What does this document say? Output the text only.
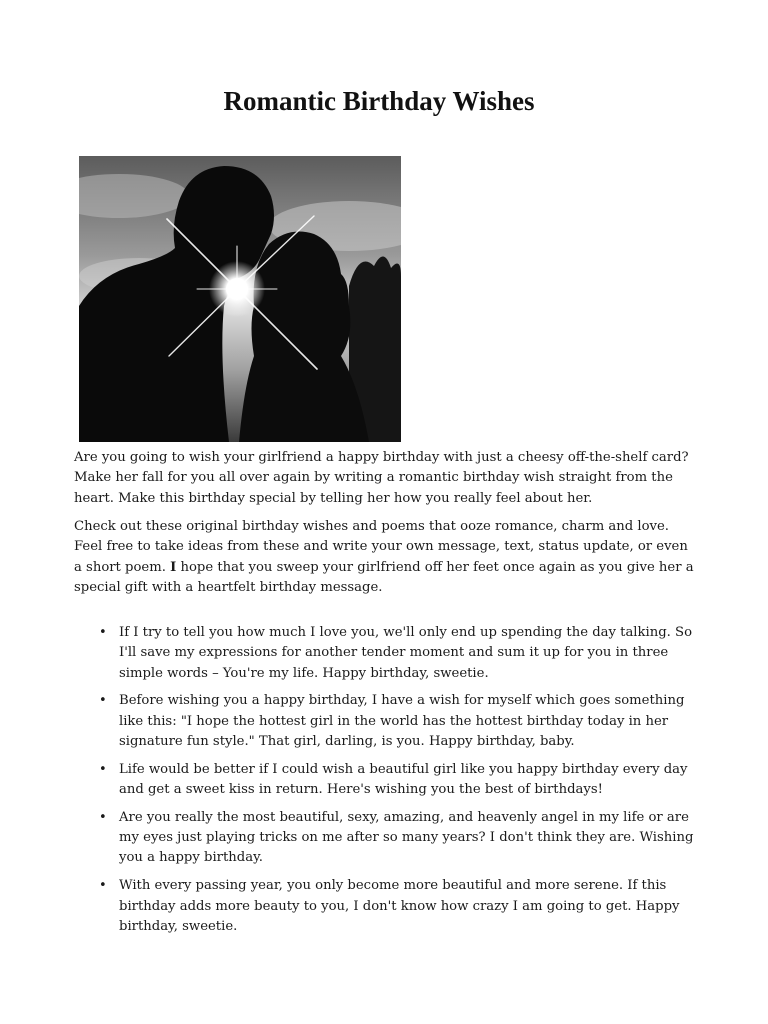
Romantic Birthday Wishes

Are you going to wish your girlfriend a happy birthday with just a cheesy off-the-shelf card? Make her fall for you all over again by writing a romantic birthday wish straight from the heart. Make this birthday special by telling her how you really feel about her.

Check out these original birthday wishes and poems that ooze romance, charm and love. Feel free to take ideas from these and write your own message, text, status update, or even a short poem. I hope that you sweep your girlfriend off her feet once again as you give her a special gift with a heartfelt birthday message.

• If I try to tell you how much I love you, we'll only end up spending the day talking. So I'll save my expressions for another tender moment and sum it up for you in three simple words – You're my life. Happy birthday, sweetie.
• Before wishing you a happy birthday, I have a wish for myself which goes something like this: "I hope the hottest girl in the world has the hottest birthday today in her signature fun style." That girl, darling, is you. Happy birthday, baby.
• Life would be better if I could wish a beautiful girl like you happy birthday every day and get a sweet kiss in return. Here's wishing you the best of birthdays!
• Are you really the most beautiful, sexy, amazing, and heavenly angel in my life or are my eyes just playing tricks on me after so many years? I don't think they are. Wishing you a happy birthday.
• With every passing year, you only become more beautiful and more serene. If this birthday adds more beauty to you, I don't know how crazy I am going to get. Happy birthday, sweetie.
